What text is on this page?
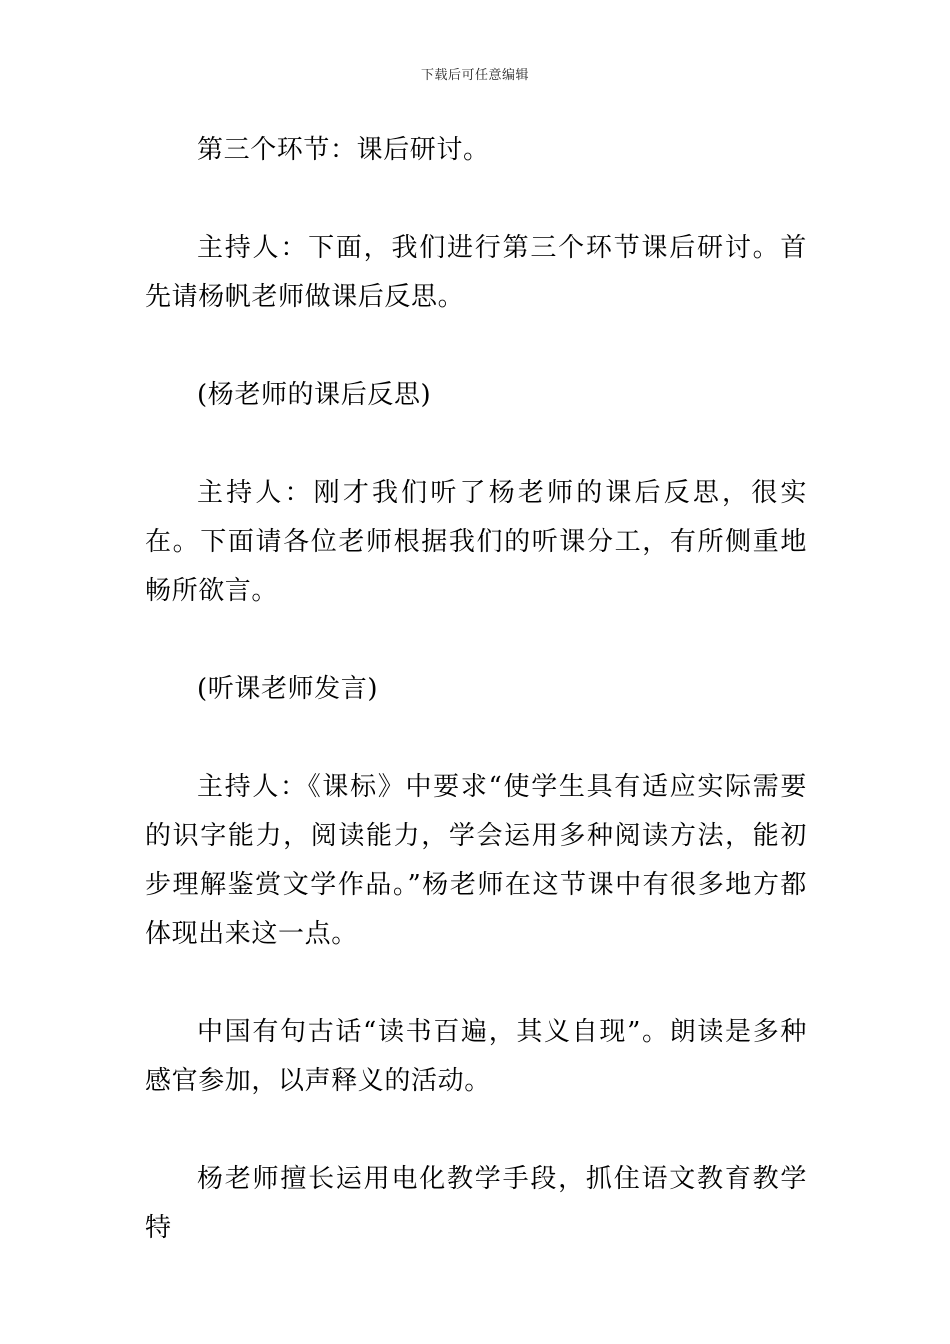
下载后可任意编辑

第三个环节：课后研讨。

主持人：下面，我们进行第三个环节课后研讨。首先请杨帆老师做课后反思。

(杨老师的课后反思)

主持人：刚才我们听了杨老师的课后反思，很实在。下面请各位老师根据我们的听课分工，有所侧重地畅所欲言。

(听课老师发言)

主持人：《课标》中要求“使学生具有适应实际需要的识字能力，阅读能力，学会运用多种阅读方法，能初步理解鉴赏文学作品。”杨老师在这节课中有很多地方都体现出来这一点。

中国有句古话“读书百遍，其义自现”。朗读是多种感官参加，以声释义的活动。

杨老师擅长运用电化教学手段，抓住语文教育教学特
